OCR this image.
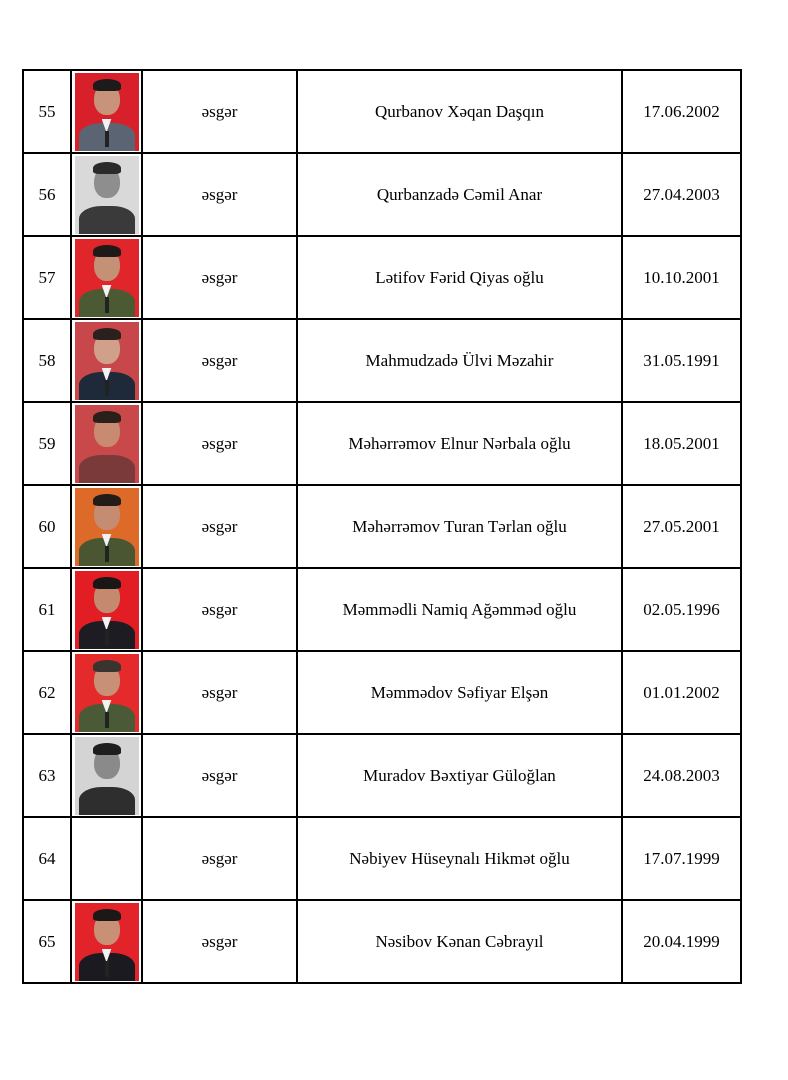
55		əsgər	Qurbanov Xəqan Daşqın	17.06.2002
56		əsgər	Qurbanzadə Cəmil Anar	27.04.2003
57		əsgər	Lətifov Fərid Qiyas oğlu	10.10.2001
58		əsgər	Mahmudzadə Ülvi Məzahir	31.05.1991
59		əsgər	Məhərrəmov Elnur Nərbala oğlu	18.05.2001
60		əsgər	Məhərrəmov Turan Tərlan oğlu	27.05.2001
61		əsgər	Məmmədli Namiq Ağəmməd oğlu	02.05.1996
62		əsgər	Məmmədov Səfiyar Elşən	01.01.2002
63		əsgər	Muradov Bəxtiyar Güloğlan	24.08.2003
64		əsgər	Nəbiyev Hüseynalı Hikmət oğlu	17.07.1999
65		əsgər	Nəsibov Kənan Cəbrayıl	20.04.1999
